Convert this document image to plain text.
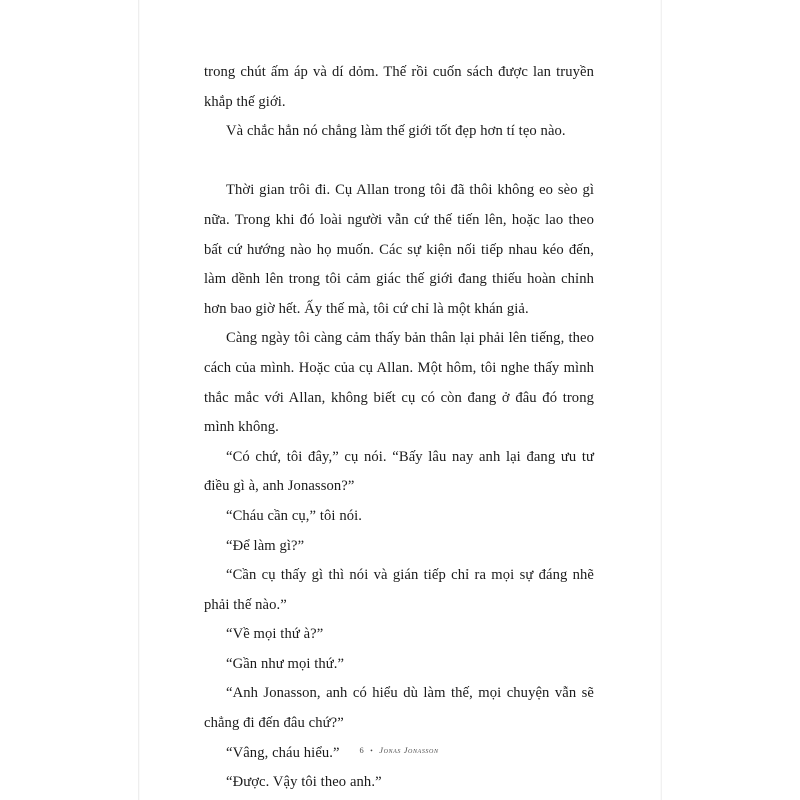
trong chút ấm áp và dí dỏm. Thế rồi cuốn sách được lan truyền khắp thế giới.

Và chắc hẳn nó chẳng làm thế giới tốt đẹp hơn tí tẹo nào.

Thời gian trôi đi. Cụ Allan trong tôi đã thôi không eo sèo gì nữa. Trong khi đó loài người vẫn cứ thế tiến lên, hoặc lao theo bất cứ hướng nào họ muốn. Các sự kiện nối tiếp nhau kéo đến, làm dềnh lên trong tôi cảm giác thế giới đang thiếu hoàn chỉnh hơn bao giờ hết. Ấy thế mà, tôi cứ chỉ là một khán giả.

Càng ngày tôi càng cảm thấy bản thân lại phải lên tiếng, theo cách của mình. Hoặc của cụ Allan. Một hôm, tôi nghe thấy mình thắc mắc với Allan, không biết cụ có còn đang ở đâu đó trong mình không.

“Có chứ, tôi đây,” cụ nói. “Bấy lâu nay anh lại đang ưu tư điều gì à, anh Jonasson?”

“Cháu cần cụ,” tôi nói.

“Để làm gì?”

“Cần cụ thấy gì thì nói và gián tiếp chỉ ra mọi sự đáng nhẽ phải thế nào.”

“Về mọi thứ à?”

“Gần như mọi thứ.”

“Anh Jonasson, anh có hiểu dù làm thế, mọi chuyện vẫn sẽ chẳng đi đến đâu chứ?”

“Vâng, cháu hiểu.”

“Được. Vậy tôi theo anh.”

6 • Jonas Jonasson
